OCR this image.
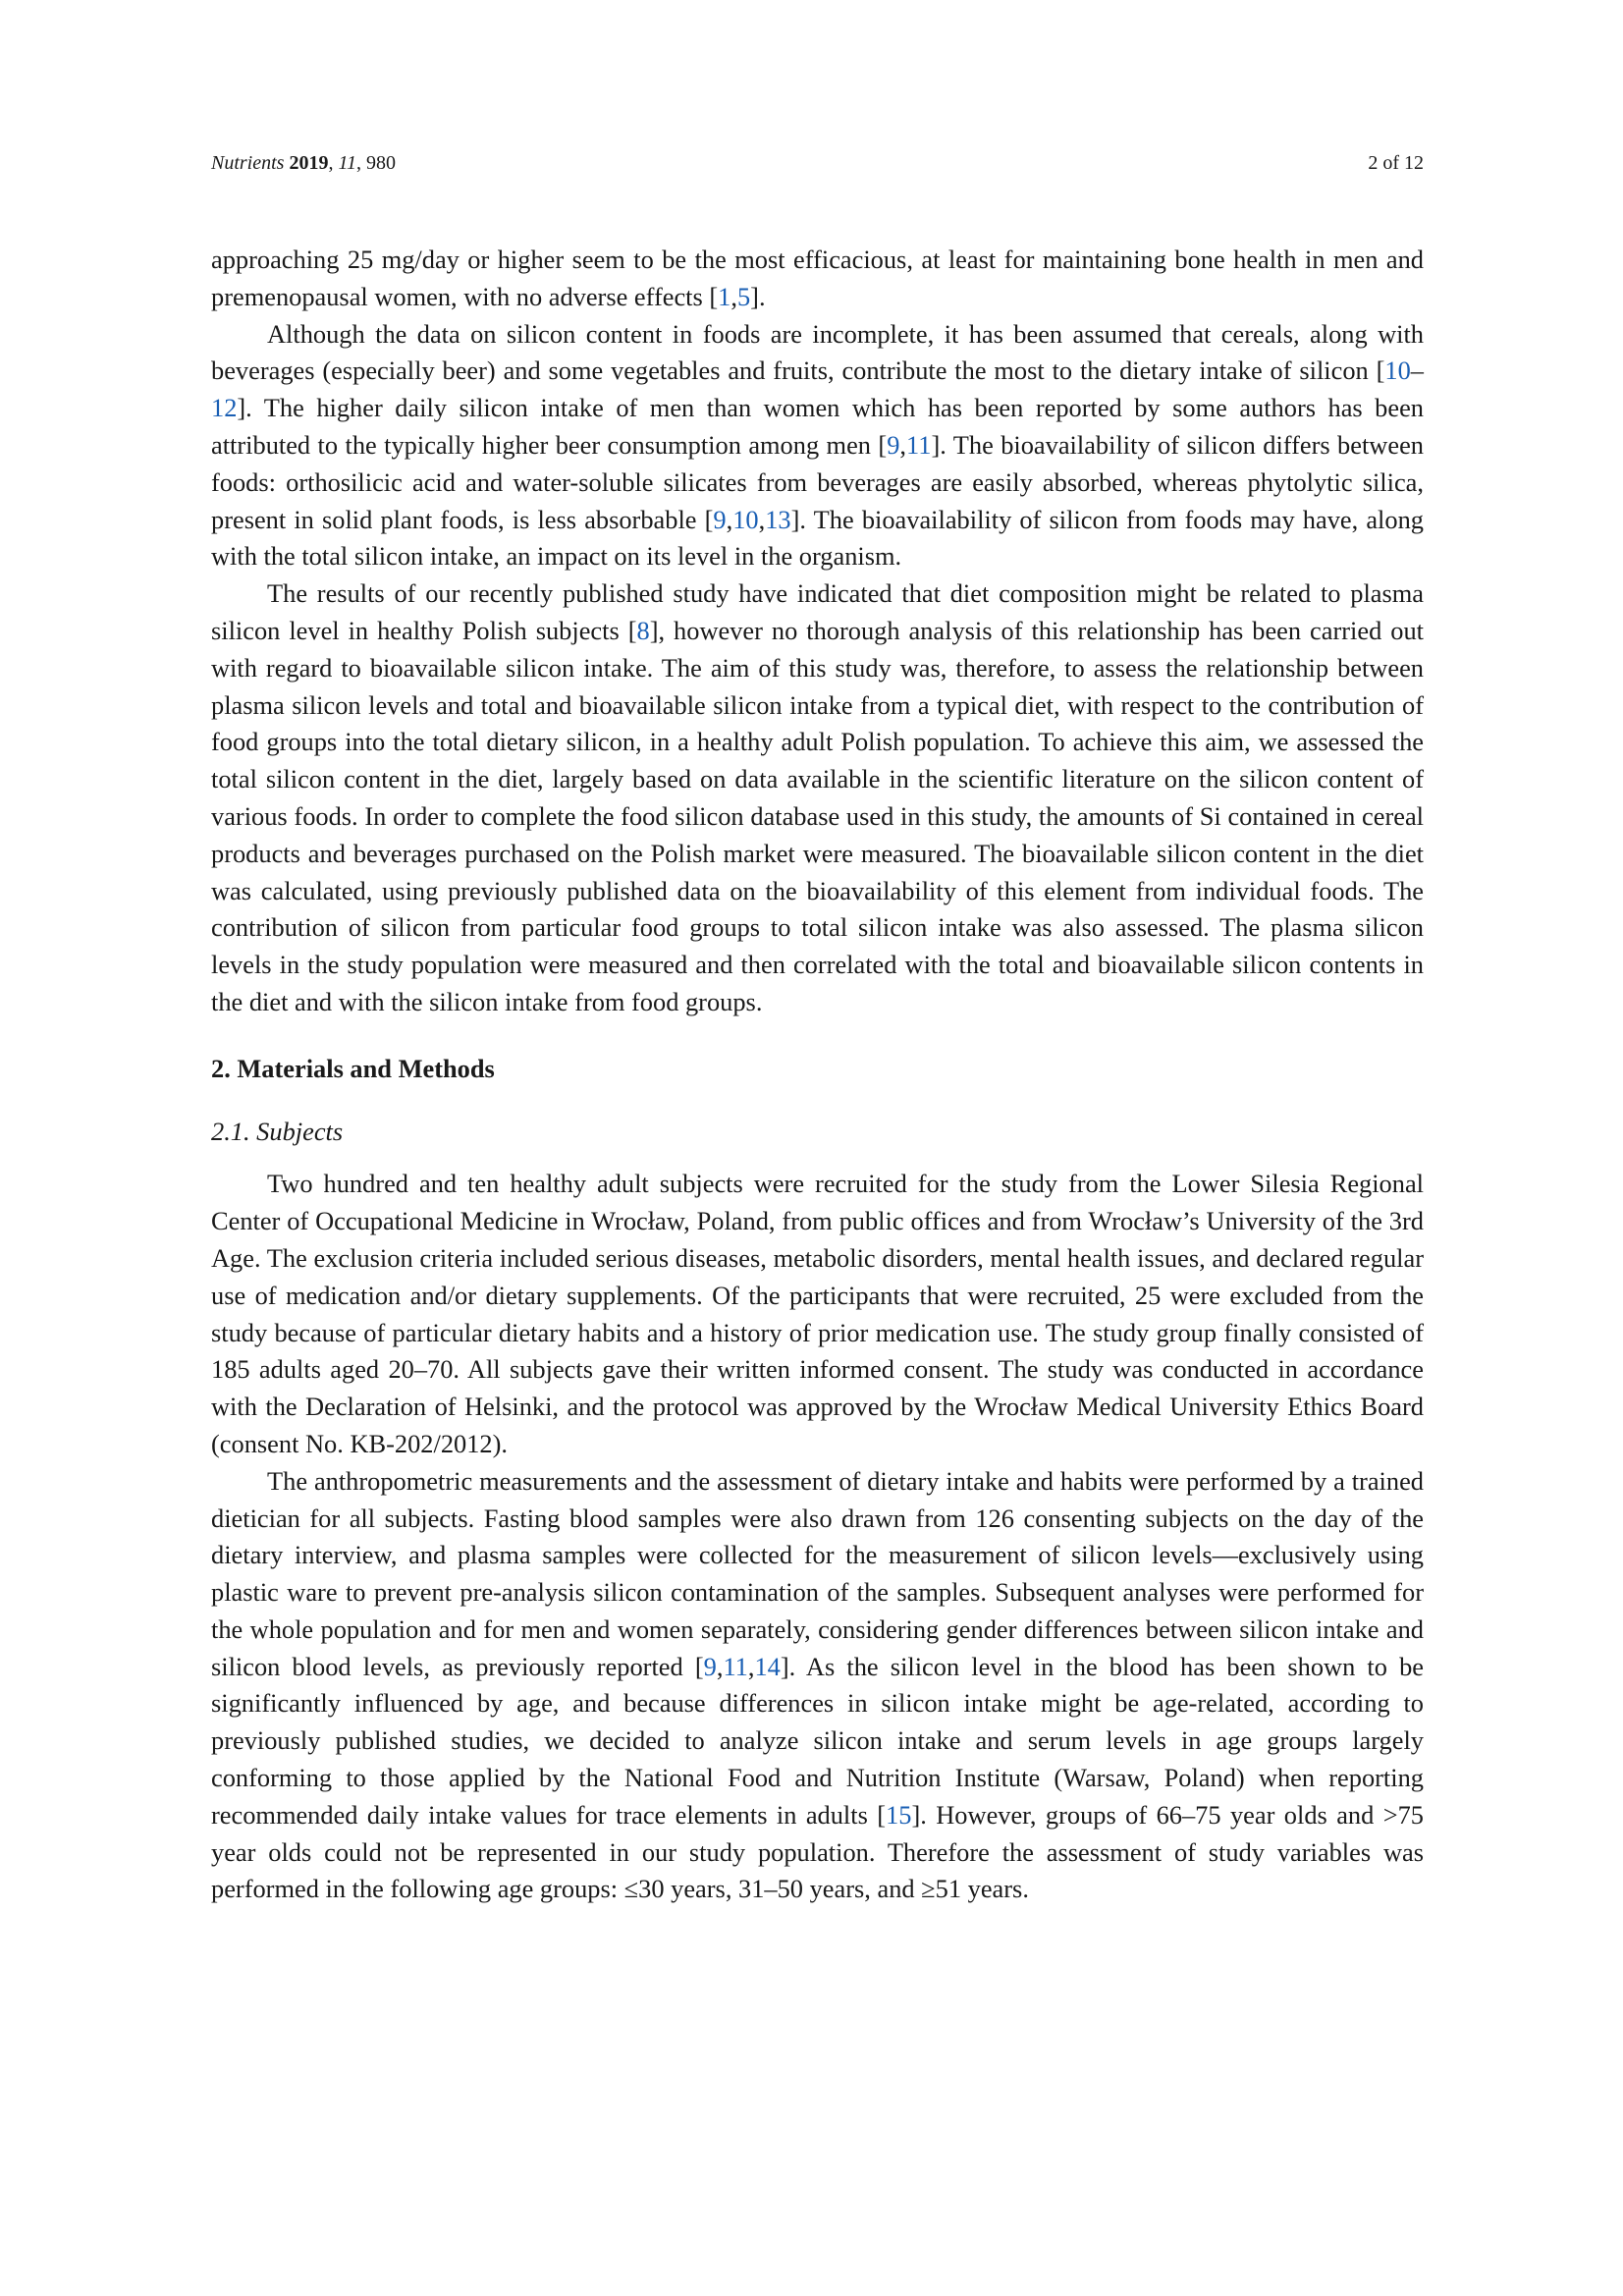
Nutrients 2019, 11, 980	2 of 12

approaching 25 mg/day or higher seem to be the most efficacious, at least for maintaining bone health in men and premenopausal women, with no adverse effects [1,5].

Although the data on silicon content in foods are incomplete, it has been assumed that cereals, along with beverages (especially beer) and some vegetables and fruits, contribute the most to the dietary intake of silicon [10–12]. The higher daily silicon intake of men than women which has been reported by some authors has been attributed to the typically higher beer consumption among men [9,11]. The bioavailability of silicon differs between foods: orthosilicic acid and water-soluble silicates from beverages are easily absorbed, whereas phytolytic silica, present in solid plant foods, is less absorbable [9,10,13]. The bioavailability of silicon from foods may have, along with the total silicon intake, an impact on its level in the organism.

The results of our recently published study have indicated that diet composition might be related to plasma silicon level in healthy Polish subjects [8], however no thorough analysis of this relationship has been carried out with regard to bioavailable silicon intake. The aim of this study was, therefore, to assess the relationship between plasma silicon levels and total and bioavailable silicon intake from a typical diet, with respect to the contribution of food groups into the total dietary silicon, in a healthy adult Polish population. To achieve this aim, we assessed the total silicon content in the diet, largely based on data available in the scientific literature on the silicon content of various foods. In order to complete the food silicon database used in this study, the amounts of Si contained in cereal products and beverages purchased on the Polish market were measured. The bioavailable silicon content in the diet was calculated, using previously published data on the bioavailability of this element from individual foods. The contribution of silicon from particular food groups to total silicon intake was also assessed. The plasma silicon levels in the study population were measured and then correlated with the total and bioavailable silicon contents in the diet and with the silicon intake from food groups.

2. Materials and Methods
2.1. Subjects

Two hundred and ten healthy adult subjects were recruited for the study from the Lower Silesia Regional Center of Occupational Medicine in Wrocław, Poland, from public offices and from Wrocław’s University of the 3rd Age. The exclusion criteria included serious diseases, metabolic disorders, mental health issues, and declared regular use of medication and/or dietary supplements. Of the participants that were recruited, 25 were excluded from the study because of particular dietary habits and a history of prior medication use. The study group finally consisted of 185 adults aged 20–70. All subjects gave their written informed consent. The study was conducted in accordance with the Declaration of Helsinki, and the protocol was approved by the Wrocław Medical University Ethics Board (consent No. KB-202/2012).

The anthropometric measurements and the assessment of dietary intake and habits were performed by a trained dietician for all subjects. Fasting blood samples were also drawn from 126 consenting subjects on the day of the dietary interview, and plasma samples were collected for the measurement of silicon levels—exclusively using plastic ware to prevent pre-analysis silicon contamination of the samples. Subsequent analyses were performed for the whole population and for men and women separately, considering gender differences between silicon intake and silicon blood levels, as previously reported [9,11,14]. As the silicon level in the blood has been shown to be significantly influenced by age, and because differences in silicon intake might be age-related, according to previously published studies, we decided to analyze silicon intake and serum levels in age groups largely conforming to those applied by the National Food and Nutrition Institute (Warsaw, Poland) when reporting recommended daily intake values for trace elements in adults [15]. However, groups of 66–75 year olds and >75 year olds could not be represented in our study population. Therefore the assessment of study variables was performed in the following age groups: ≤30 years, 31–50 years, and ≥51 years.
